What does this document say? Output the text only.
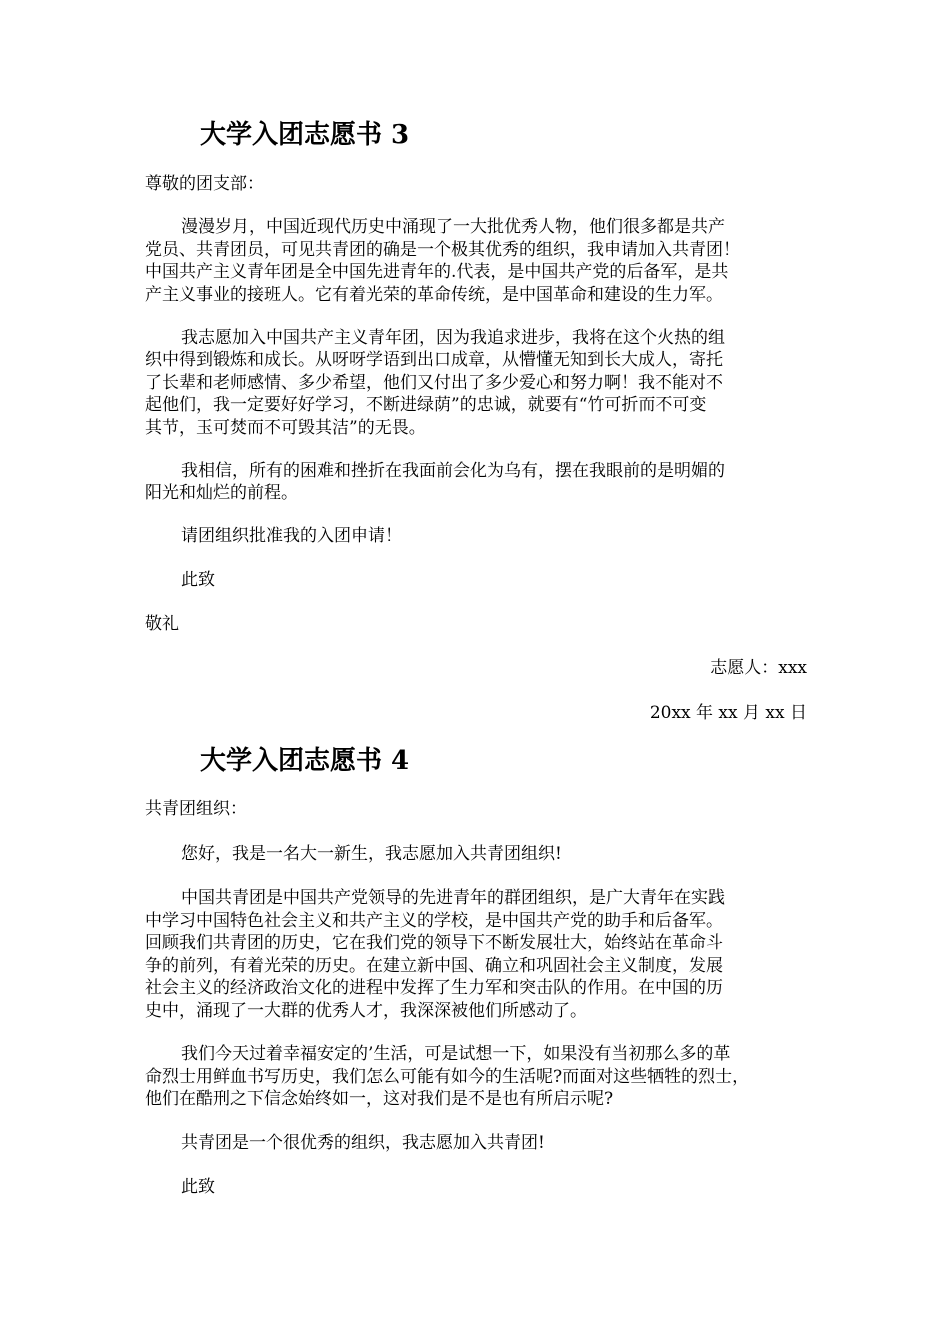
大学入团志愿书 3

尊敬的团支部：

漫漫岁月，中国近现代历史中涌现了一大批优秀人物，他们很多都是共产

党员、共青团员，可见共青团的确是一个极其优秀的组织，我申请加入共青团！

中国共产主义青年团是全中国先进青年的.代表，是中国共产党的后备军，是共

产主义事业的接班人。它有着光荣的革命传统，是中国革命和建设的生力军。

我志愿加入中国共产主义青年团，因为我追求进步，我将在这个火热的组

织中得到锻炼和成长。从呀呀学语到出口成章，从懵懂无知到长大成人，寄托

了长辈和老师感情、多少希望，他们又付出了多少爱心和努力啊！我不能对不

起他们，我一定要好好学习，不断进绿荫”的忠诚，就要有“竹可折而不可变

其节，玉可焚而不可毁其洁”的无畏。

我相信，所有的困难和挫折在我面前会化为乌有，摆在我眼前的是明媚的

阳光和灿烂的前程。

请团组织批准我的入团申请！

此致

敬礼

志愿人：xxx

20xx 年 xx 月 xx 日

大学入团志愿书 4

共青团组织：

您好，我是一名大一新生，我志愿加入共青团组织!

中国共青团是中国共产党领导的先进青年的群团组织，是广大青年在实践

中学习中国特色社会主义和共产主义的学校，是中国共产党的助手和后备军。

回顾我们共青团的历史，它在我们党的领导下不断发展壮大，始终站在革命斗

争的前列，有着光荣的历史。在建立新中国、确立和巩固社会主义制度，发展

社会主义的经济政治文化的进程中发挥了生力军和突击队的作用。在中国的历

史中，涌现了一大群的优秀人才，我深深被他们所感动了。

我们今天过着幸福安定的’生活，可是试想一下，如果没有当初那么多的革

命烈士用鲜血书写历史，我们怎么可能有如今的生活呢?而面对这些牺牲的烈士，

他们在酷刑之下信念始终如一，这对我们是不是也有所启示呢?

共青团是一个很优秀的组织，我志愿加入共青团!

此致
